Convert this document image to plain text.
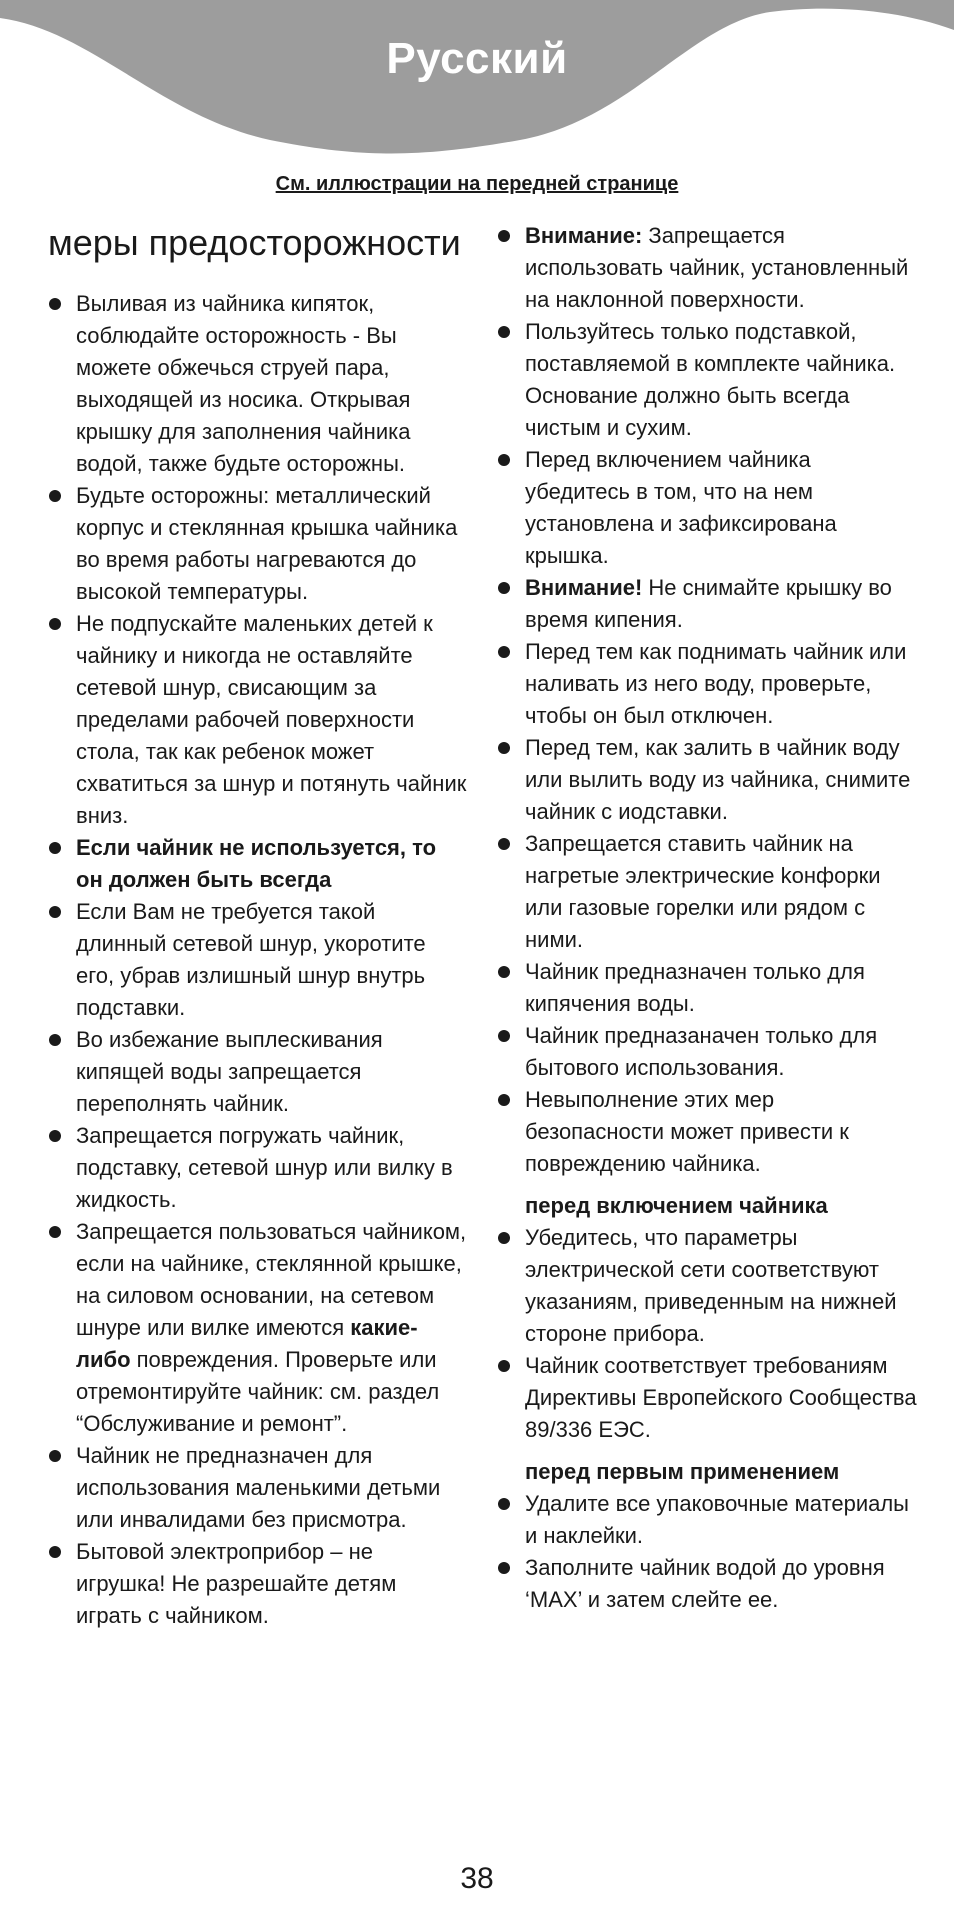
Русский
См. иллюстрации на передней странице
меры предосторожности
Выливая из чайника кипяток, соблюдайте осторожность - Вы можете обжечься струей пара, выходящей из носика. Открывая крышку для заполнения чайника водой, также будьте осторожны.
Будьте осторожны: металлический корпус и стеклянная крышка чайника во время работы нагреваются до высокой температуры.
Не подпускайте маленьких детей к чайнику и никогда не оставляйте сетевой шнур, свисающим за пределами рабочей поверхности стола, так как ребенок может схватиться за шнур и потянуть чайник вниз.
Если чайник не используется, то он должен быть всегда
Если Вам не требуется такой длинный сетевой шнур, укоротите его, убрав излишный шнур внутрь подставки.
Во избежание выплескивания кипящей воды запрещается переполнять чайник.
Запрещается погружать чайник, подставку, сетевой шнур или вилку в жидкость.
Запрещается пользоваться чайником, если на чайнике, стеклянной крышке, на силовом основании, на сетевом шнуре или вилке имеются какие-либо повреждения. Проверьте или отремонтируйте чайник: см. раздел “Обслуживание и ремонт”.
Чайник не предназначен для использования маленькими детьми или инвалидами без присмотра.
Бытовой электроприбор – не игрушка! Не разрешайте детям играть с чайником.
Внимание: Запрещается использовать чайник, установленный на наклонной поверхности.
Пользуйтесь только подставкой, поставляемой в комплекте чайника.
Основание должно быть всегда чистым и сухим.
Перед включением чайника убедитесь в том, что на нем установлена и зафиксирована крышка.
Внимание! Не снимайте крышку во время кипения.
Перед тем как поднимать чайник или наливать из него воду, проверьте, чтобы он был отключен.
Перед тем, как залить в чайник воду или вылить воду из чайника, снимите чайник с иодставки.
Запрещается ставить чайник на нагретые электрические kонфорки или газовые горелки или рядом с ними.
Чайник предназначен только для кипячения воды.
Чайник предназаначен только для бытового использования.
Невыполнение этих мер безопасности может привести к повреждению чайника.
перед включением чайника
Убедитесь, что параметры электрической сети соответствуют указаниям, приведенным на нижней стороне прибора.
Чайник соответствует требованиям Директивы Европейского Сообщества 89/336 ЕЭС.
перед первым применением
Удалите все упаковочные материалы и наклейки.
Заполните чайник водой до уровня ‘MAX’ и затем слейте ее.
38
